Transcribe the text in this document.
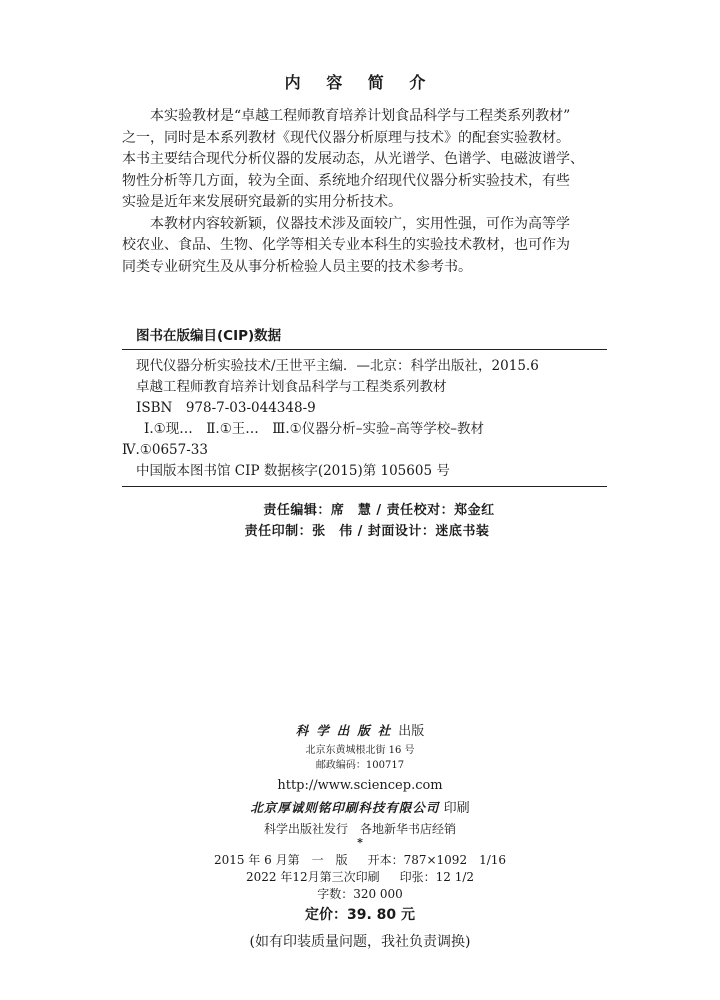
内 容 简 介
本实验教材是“卓越工程师教育培养计划食品科学与工程类系列教材”
之一，同时是本系列教材《现代仪器分析原理与技术》的配套实验教材。
本书主要结合现代分析仪器的发展动态，从光谱学、色谱学、电磁波谱学、
物性分析等几方面，较为全面、系统地介绍现代仪器分析实验技术，有些
实验是近年来发展研究最新的实用分析技术。
本教材内容较新颖，仪器技术涉及面较广，实用性强，可作为高等学
校农业、食品、生物、化学等相关专业本科生的实验技术教材，也可作为
同类专业研究生及从事分析检验人员主要的技术参考书。
图书在版编目(CIP)数据
现代仪器分析实验技术/王世平主编．—北京：科学出版社，2015.6
卓越工程师教育培养计划食品科学与工程类系列教材
ISBN　978-7-03-044348-9
Ⅰ.①现…　Ⅱ.①王…　Ⅲ.①仪器分析–实验–高等学校–教材
Ⅳ.①0657-33
中国版本图书馆 CIP 数据核字(2015)第 105605 号
责任编辑：席　慧 / 责任校对：郑金红
责任印制：张　伟 / 封面设计：迷底书装
科学出版社出版
北京东黄城根北街 16 号
邮政编码：100717
http://www.sciencep.com
北京厚诚则铭印刷科技有限公司 印刷
科学出版社发行　各地新华书店经销
*
2015 年 6 月第　一　版 开本：787×1092　1/16
2022 年12月第三次印刷 印张：12 1/2
字数：320 000
定价：39. 80 元
(如有印装质量问题，我社负责调换)
